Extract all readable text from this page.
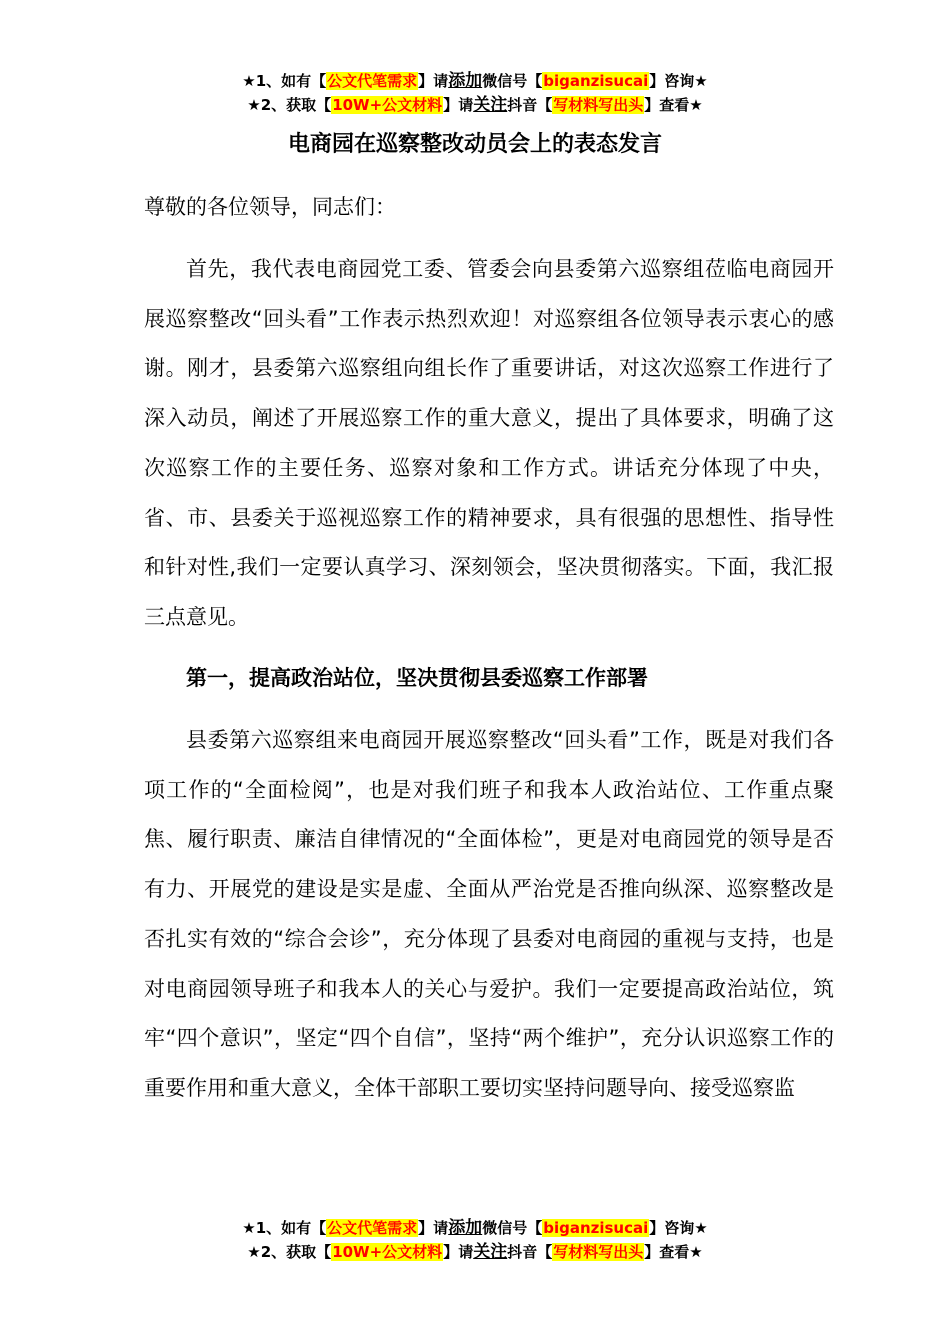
★1、如有【公文代笔需求】请添加微信号【biganzisucai】咨询★
★2、获取【10W+公文材料】请关注抖音【写材料写出头】查看★
电商园在巡察整改动员会上的表态发言
尊敬的各位领导，同志们：

首先，我代表电商园党工委、管委会向县委第六巡察组莅临电商园开展巡察整改“回头看”工作表示热烈欢迎！对巡察组各位领导表示衷心的感谢。刚才，县委第六巡察组向组长作了重要讲话，对这次巡察工作进行了深入动员，阐述了开展巡察工作的重大意义，提出了具体要求，明确了这次巡察工作的主要任务、巡察对象和工作方式。讲话充分体现了中央，省、市、县委关于巡视巡察工作的精神要求，具有很强的思想性、指导性和针对性,我们一定要认真学习、深刻领会，坚决贯彻落实。下面，我汇报三点意见。

第一，提高政治站位，坚决贯彻县委巡察工作部署

县委第六巡察组来电商园开展巡察整改“回头看”工作，既是对我们各项工作的“全面检阅”，也是对我们班子和我本人政治站位、工作重点聚焦、履行职责、廉洁自律情况的“全面体检”，更是对电商园党的领导是否有力、开展党的建设是实是虚、全面从严治党是否推向纵深、巡察整改是否扎实有效的“综合会诊”，充分体现了县委对电商园的重视与支持，也是对电商园领导班子和我本人的关心与爱护。我们一定要提高政治站位，筑牢“四个意识”，坚定“四个自信”，坚持“两个维护”，充分认识巡察工作的重要作用和重大意义，全体干部职工要切实坚持问题导向、接受巡察监

★1、如有【公文代笔需求】请添加微信号【biganzisucai】咨询★
★2、获取【10W+公文材料】请关注抖音【写材料写出头】查看★
